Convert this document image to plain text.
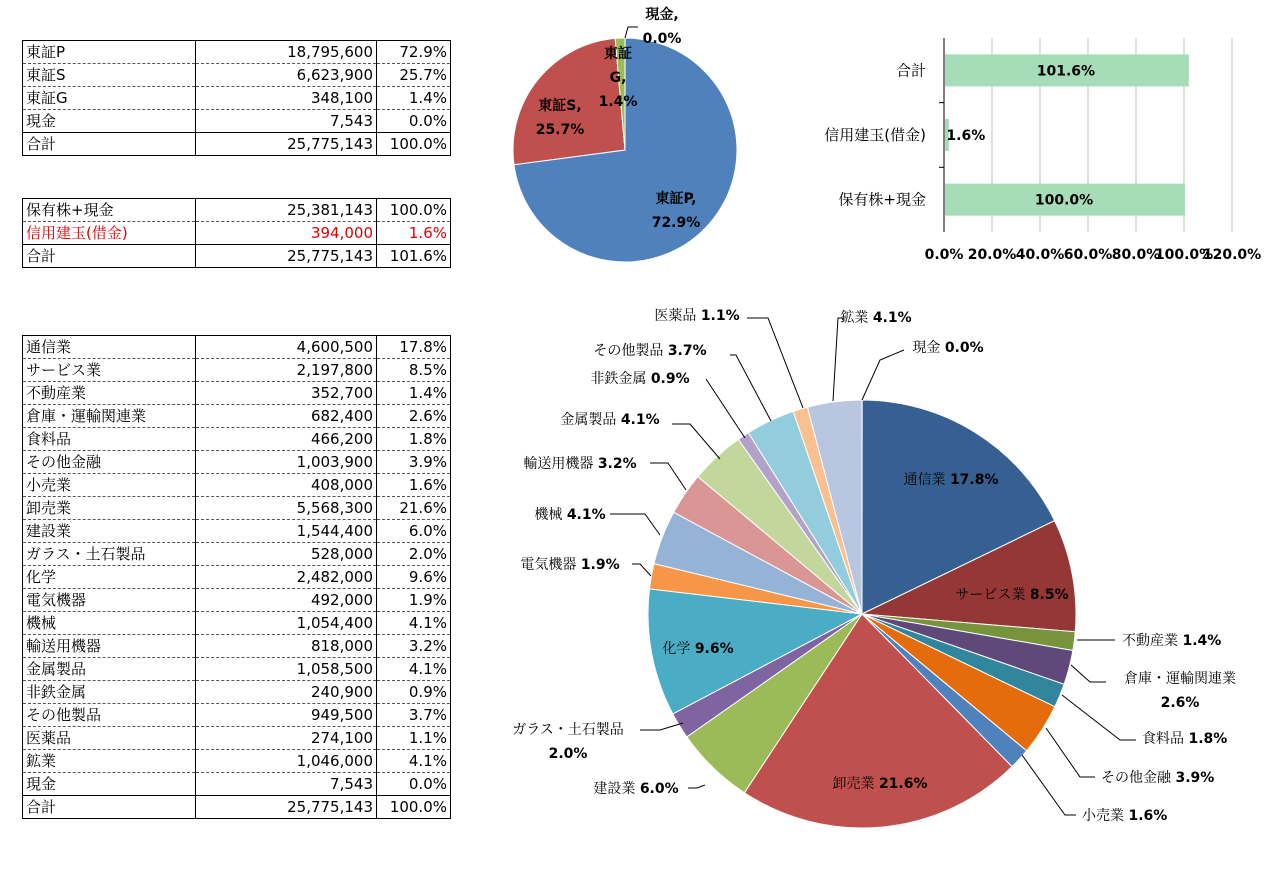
東証P	18,795,600	72.9%
東証S	6,623,900	25.7%
東証G	348,100	1.4%
現金	7,543	0.0%
合計	25,775,143	100.0%
保有株+現金	25,381,143	100.0%
信用建玉(借金)	394,000	1.6%
合計	25,775,143	101.6%
通信業	4,600,500	17.8%
サービス業	2,197,800	8.5%
不動産業	352,700	1.4%
倉庫・運輸関連業	682,400	2.6%
食料品	466,200	1.8%
その他金融	1,003,900	3.9%
小売業	408,000	1.6%
卸売業	5,568,300	21.6%
建設業	1,544,400	6.0%
ガラス・土石製品	528,000	2.0%
化学	2,482,000	9.6%
電気機器	492,000	1.9%
機械	1,054,400	4.1%
輸送用機器	818,000	3.2%
金属製品	1,058,500	4.1%
非鉄金属	240,900	0.9%
その他製品	949,500	3.7%
医薬品	274,100	1.1%
鉱業	1,046,000	4.1%
現金	7,543	0.0%
合計	25,775,143	100.0%
東証P,
72.9%
東証S,
25.7%
東証
G,
1.4%
現金,
0.0%
0.0% 20.0% 40.0% 60.0% 80.0%
100.0%
120.0%
保有株+現金	100.0%
信用建玉(借金) 1.6%
合計	101.6%
通信業 17.8%
サービス業 8.5%
不動産業 1.4%
倉庫・運輸関連業
2.6%
食料品 1.8%
その他金融 3.9%
小売業 1.6%
卸売業 21.6%
建設業 6.0%
ガラス・土石製品
2.0%
化学 9.6%
電気機器 1.9%
機械 4.1%
輸送用機器 3.2%
金属製品 4.1%
非鉄金属 0.9%
その他製品 3.7%
医薬品 1.1%	鉱業 4.1%
現金 0.0%
